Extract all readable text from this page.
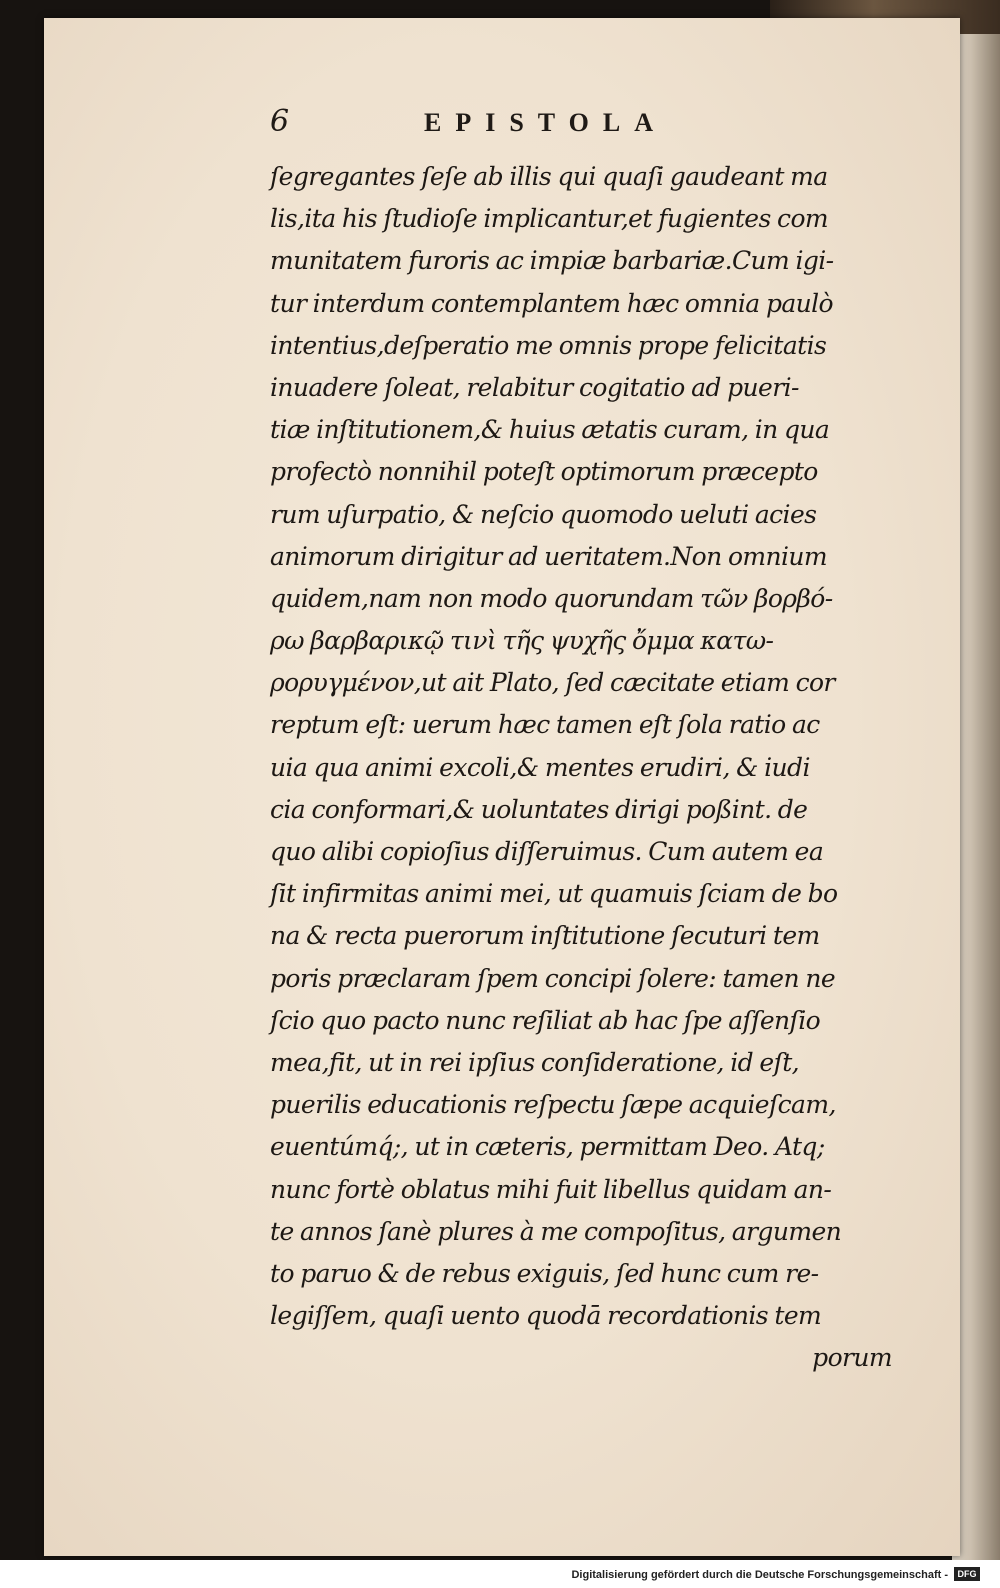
6	EPISTOLA
ſegregantes ſeſe ab illis qui quaſi gaudeant ma
lis,ita his ſtudioſe implicantur,et fugientes com
munitatem furoris ac impiæ barbariæ.Cum igi-
tur interdum contemplantem hæc omnia paulò
intentius,deſperatio me omnis prope felicitatis
inuadere ſoleat, relabitur cogitatio ad pueri-
tiæ inſtitutionem,& huius ætatis curam, in qua
profectò nonnihil poteſt optimorum præcepto
rum uſurpatio, & neſcio quomodo ueluti acies
animorum dirigitur ad ueritatem.Non omnium
quidem,nam non modo quorundam τῶν βορβό-
ρω βαρβαρικῷ τινὶ τῆς ψυχῆς ὄμμα κατω-
ρορυγμένον,ut ait Plato, ſed cæcitate etiam cor
reptum eſt: uerum hæc tamen eſt ſola ratio ac
uia qua animi excoli,& mentes erudiri, & iudi
cia conformari,& uoluntates dirigi poßint. de
quo alibi copioſius diſſeruimus. Cum autem ea
ſit infirmitas animi mei, ut quamuis ſciam de bo
na & recta puerorum inſtitutione ſecuturi tem
poris præclaram ſpem concipi ſolere: tamen ne
ſcio quo pacto nunc reſiliat ab hac ſpe aſſenſio
mea,fit, ut in rei ipſius conſideratione, id eſt,
puerilis educationis reſpectu ſæpe acquieſcam,
euentúmq́;, ut in cæteris, permittam Deo. Atq;
nunc fortè oblatus mihi fuit libellus quidam an-
te annos ſanè plures à me compoſitus, argumen
to paruo & de rebus exiguis, ſed hunc cum re-
legiſſem, quaſi uento quodā recordationis tem
porum
Digitalisierung gefördert durch die Deutsche Forschungsgemeinschaft -	DFG
